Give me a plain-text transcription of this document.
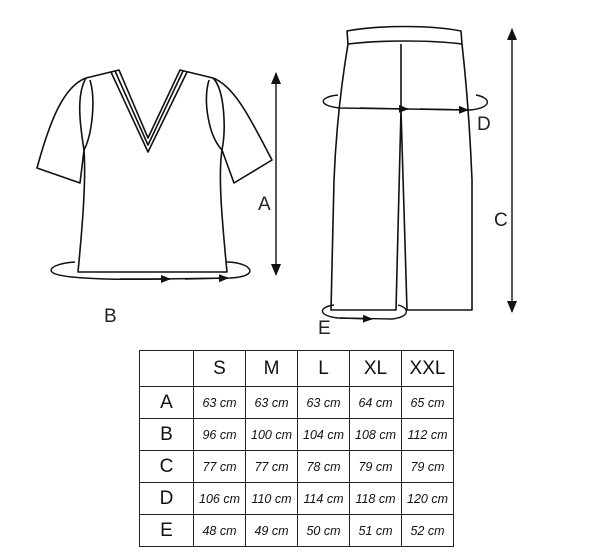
A
B
D
C
E
	S	M	L	XL	XXL
A	63 cm	63 cm	63 cm	64 cm	65 cm
B	96 cm	100 cm	104 cm	108 cm	112 cm
C	77 cm	77 cm	78 cm	79 cm	79 cm
D	106 cm	110 cm	114 cm	118 cm	120 cm
E	48 cm	49 cm	50 cm	51 cm	52 cm
